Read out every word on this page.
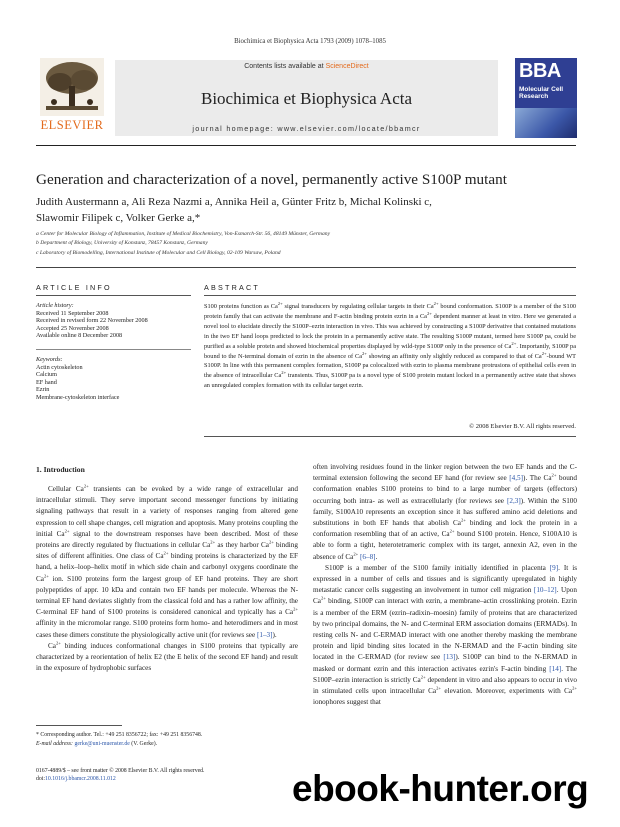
Biochimica et Biophysica Acta 1793 (2009) 1078–1085
Contents lists available at ScienceDirect
Biochimica et Biophysica Acta
journal homepage: www.elsevier.com/locate/bbamcr
ELSEVIER
BBA
Molecular Cell
Research
Generation and characterization of a novel, permanently active S100P mutant
Judith Austermann a, Ali Reza Nazmi a, Annika Heil a, Günter Fritz b, Michal Kolinski c,
Slawomir Filipek c, Volker Gerke a,*
a Center for Molecular Biology of Inflammation, Institute of Medical Biochemistry, Von-Esmarch-Str. 56, 48149 Münster, Germany
b Department of Biology, University of Konstanz, 78457 Konstanz, Germany
c Laboratory of Biomodelling, International Institute of Molecular and Cell Biology, 02-109 Warsaw, Poland
ARTICLE INFO	ABSTRACT
Article history:
Received 11 September 2008
Received in revised form 22 November 2008
Accepted 25 November 2008
Available online 8 December 2008
Keywords:
Actin cytoskeleton
Calcium
EF hand
Ezrin
Membrane-cytoskeleton interface
S100 proteins function as $Ca^{2+}$ signal transducers by regulating cellular targets in their $Ca^{2+}$ bound conformation. S100P is a member of the S100 protein family that can activate the membrane and F-actin binding protein ezrin in a $Ca^{2+}$ dependent manner at least in vitro. Here we generated a novel tool to elucidate directly the S100P–ezrin interaction in vivo. This was achieved by constructing a S100P derivative that contained mutations in the two EF hand loops predicted to lock the protein in a permanently active state. The resulting S100P mutant, termed here S100P pa, could be purified as a soluble protein and showed biochemical properties displayed by wild-type S100P only in the presence of $Ca^{2+}$. Importantly, S100P pa bound to the N-terminal domain of ezrin in the absence of $Ca^{2+}$ showing an affinity only slightly reduced as compared to that of $Ca^{2+}$-bound WT S100P. In line with this permanent complex formation, S100P pa colocalized with ezrin to plasma membrane protrusions of epithelial cells even in the absence of intracellular $Ca^{2+}$ transients. Thus, S100P pa is a novel type of S100 protein mutant locked in a permanently active state that shows an unregulated complex formation with its cellular target ezrin.
© 2008 Elsevier B.V. All rights reserved.
1. Introduction

Cellular $Ca^{2+}$ transients can be evoked by a wide range of extracellular and intracellular stimuli. They serve important second messenger functions by initiating signaling pathways that result in a variety of responses ranging from altered gene expression to cell shape changes, cell migration and apoptosis. Many proteins coupling the initial $Ca^{2+}$ signal to the downstream responses have been described. Most of these proteins are directly regulated by fluctuations in cellular $Ca^{2+}$ as they harbor $Ca^{2+}$ binding sites of different affinities. One class of $Ca^{2+}$ binding proteins is characterized by the EF hand, a helix–loop–helix motif in which side chain and carbonyl oxygens coordinate the $Ca^{2+}$ ion. S100 proteins form the largest group of EF hand proteins. They are short polypeptides of appr. 10 kDa and contain two EF hands per molecule. Whereas the N-terminal EF hand deviates slightly from the classical fold and has a rather low affinity, the C-terminal EF hand of S100 proteins is considered canonical and typically has a $Ca^{2+}$ affinity in the micromolar range. S100 proteins form homo- and heterodimers and in most cases these dimers constitute the physiologically active unit (for reviews see [1–3]).

$Ca^{2+}$ binding induces conformational changes in S100 proteins that typically are characterized by a reorientation of helix E2 (the E helix of the second EF hand) and result in the exposure of hydrophobic surfaces

often involving residues found in the linker region between the two EF hands and the C-terminal extension following the second EF hand (for review see [4,5]). The $Ca^{2+}$ bound conformation enables S100 proteins to bind to a large number of targets (effectors) occurring both intra- as well as extracellularly (for reviews see [2,3]). Within the S100 family, S100A10 represents an exception since it has suffered amino acid deletions and substitutions in both EF hands that abolish $Ca^{2+}$ binding and lock the protein in a conformation resembling that of an active, $Ca^{2+}$ bound S100 protein. Hence, S100A10 is able to form a tight, heterotetrameric complex with its target, annexin A2, even in the absence of $Ca^{2+}$ [6–8].

S100P is a member of the S100 family initially identified in placenta [9]. It is expressed in a number of cells and tissues and is significantly upregulated in highly metastatic cancer cells suggesting an involvement in tumor cell migration [10–12]. Upon $Ca^{2+}$ binding, S100P can interact with ezrin, a membrane–actin crosslinking protein. Ezrin is a member of the ERM (ezrin–radixin–moesin) family of proteins that are characterized by two principal domains, the N- and C-terminal ERM association domains (ERMADs). In resting cells N- and C-ERMAD interact with one another thereby masking the membrane protein and lipid binding sites located in the N-ERMAD and the F-actin binding site located in the C-ERMAD (for review see [13]). S100P can bind to the N-ERMAD in masked or dormant ezrin and this interaction activates ezrin's F-actin binding [14]. The S100P–ezrin interaction is strictly $Ca^{2+}$ dependent in vitro and also appears to occur in vivo in stimulated cells upon intracellular $Ca^{2+}$ elevation. Moreover, experiments with $Ca^{2+}$ ionophores suggest that

* Corresponding author. Tel.: +49 251 8356722; fax: +49 251 8356748.
E-mail address: gerke@uni-muenster.de (V. Gerke).
0167-4889/$ – see front matter © 2008 Elsevier B.V. All rights reserved.
doi:10.1016/j.bbamcr.2008.11.012	ebook-hunter.org
